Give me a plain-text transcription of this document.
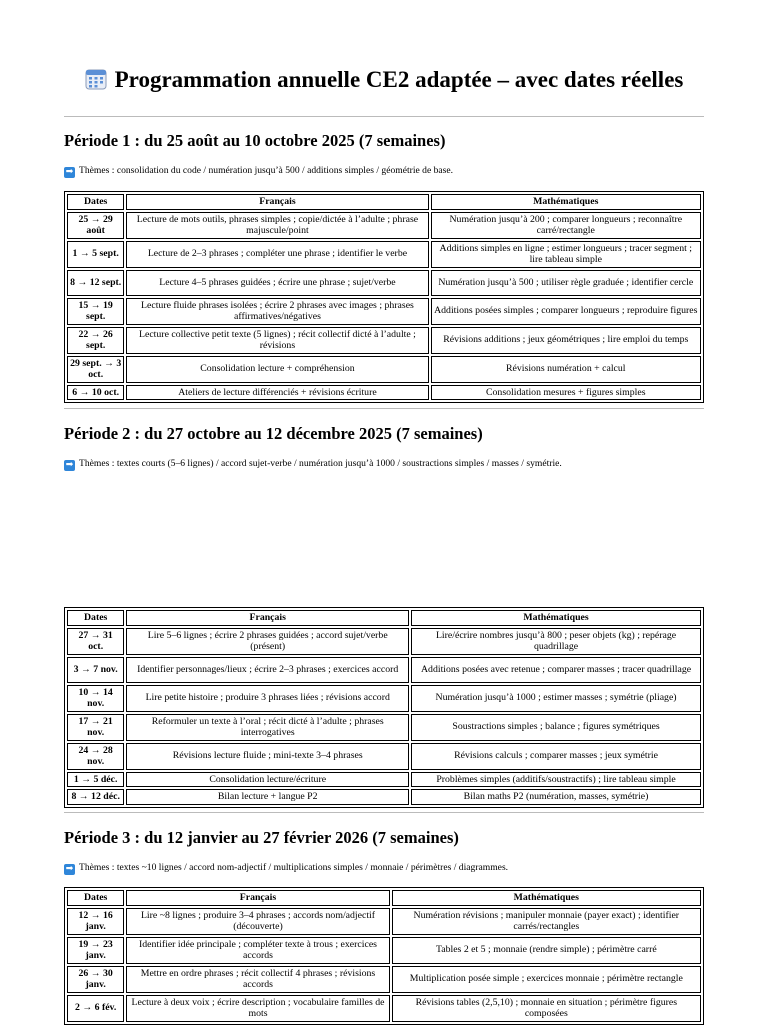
Programmation annuelle CE2 adaptée – avec dates réelles
Période 1 : du 25 août au 10 octobre 2025 (7 semaines)
➡ Thèmes : consolidation du code / numération jusqu’à 500 / additions simples / géométrie de base.
Dates	Français	Mathématiques
25 → 29 août	Lecture de mots outils, phrases simples ; copie/dictée à l’adulte ; phrase majuscule/point	Numération jusqu’à 200 ; comparer longueurs ; reconnaître carré/rectangle
1 → 5 sept.	Lecture de 2–3 phrases ; compléter une phrase ; identifier le verbe	Additions simples en ligne ; estimer longueurs ; tracer segment ; lire tableau simple
8 → 12 sept.	Lecture 4–5 phrases guidées ; écrire une phrase ; sujet/verbe	Numération jusqu’à 500 ; utiliser règle graduée ; identifier cercle
15 → 19 sept.	Lecture fluide phrases isolées ; écrire 2 phrases avec images ; phrases affirmatives/négatives	Additions posées simples ; comparer longueurs ; reproduire figures
22 → 26 sept.	Lecture collective petit texte (5 lignes) ; récit collectif dicté à l’adulte ; révisions	Révisions additions ; jeux géométriques ; lire emploi du temps
29 sept. → 3 oct.	Consolidation lecture + compréhension	Révisions numération + calcul
6 → 10 oct.	Ateliers de lecture différenciés + révisions écriture	Consolidation mesures + figures simples
Période 2 : du 27 octobre au 12 décembre 2025 (7 semaines)
➡ Thèmes : textes courts (5–6 lignes) / accord sujet-verbe / numération jusqu’à 1000 / soustractions simples / masses / symétrie.
Dates	Français	Mathématiques
27 → 31 oct.	Lire 5–6 lignes ; écrire 2 phrases guidées ; accord sujet/verbe (présent)	Lire/écrire nombres jusqu’à 800 ; peser objets (kg) ; repérage quadrillage
3 → 7 nov.	Identifier personnages/lieux ; écrire 2–3 phrases ; exercices accord	Additions posées avec retenue ; comparer masses ; tracer quadrillage
10 → 14 nov.	Lire petite histoire ; produire 3 phrases liées ; révisions accord	Numération jusqu’à 1000 ; estimer masses ; symétrie (pliage)
17 → 21 nov.	Reformuler un texte à l’oral ; récit dicté à l’adulte ; phrases interrogatives	Soustractions simples ; balance ; figures symétriques
24 → 28 nov.	Révisions lecture fluide ; mini-texte 3–4 phrases	Révisions calculs ; comparer masses ; jeux symétrie
1 → 5 déc.	Consolidation lecture/écriture	Problèmes simples (additifs/soustractifs) ; lire tableau simple
8 → 12 déc.	Bilan lecture + langue P2	Bilan maths P2 (numération, masses, symétrie)
Période 3 : du 12 janvier au 27 février 2026 (7 semaines)
➡ Thèmes : textes ~10 lignes / accord nom-adjectif / multiplications simples / monnaie / périmètres / diagrammes.
Dates	Français	Mathématiques
12 → 16 janv.	Lire ~8 lignes ; produire 3–4 phrases ; accords nom/adjectif (découverte)	Numération révisions ; manipuler monnaie (payer exact) ; identifier carrés/rectangles
19 → 23 janv.	Identifier idée principale ; compléter texte à trous ; exercices accords	Tables 2 et 5 ; monnaie (rendre simple) ; périmètre carré
26 → 30 janv.	Mettre en ordre phrases ; récit collectif 4 phrases ; révisions accords	Multiplication posée simple ; exercices monnaie ; périmètre rectangle
2 → 6 fév.	Lecture à deux voix ; écrire description ; vocabulaire familles de mots	Révisions tables (2,5,10) ; monnaie en situation ; périmètre figures composées
